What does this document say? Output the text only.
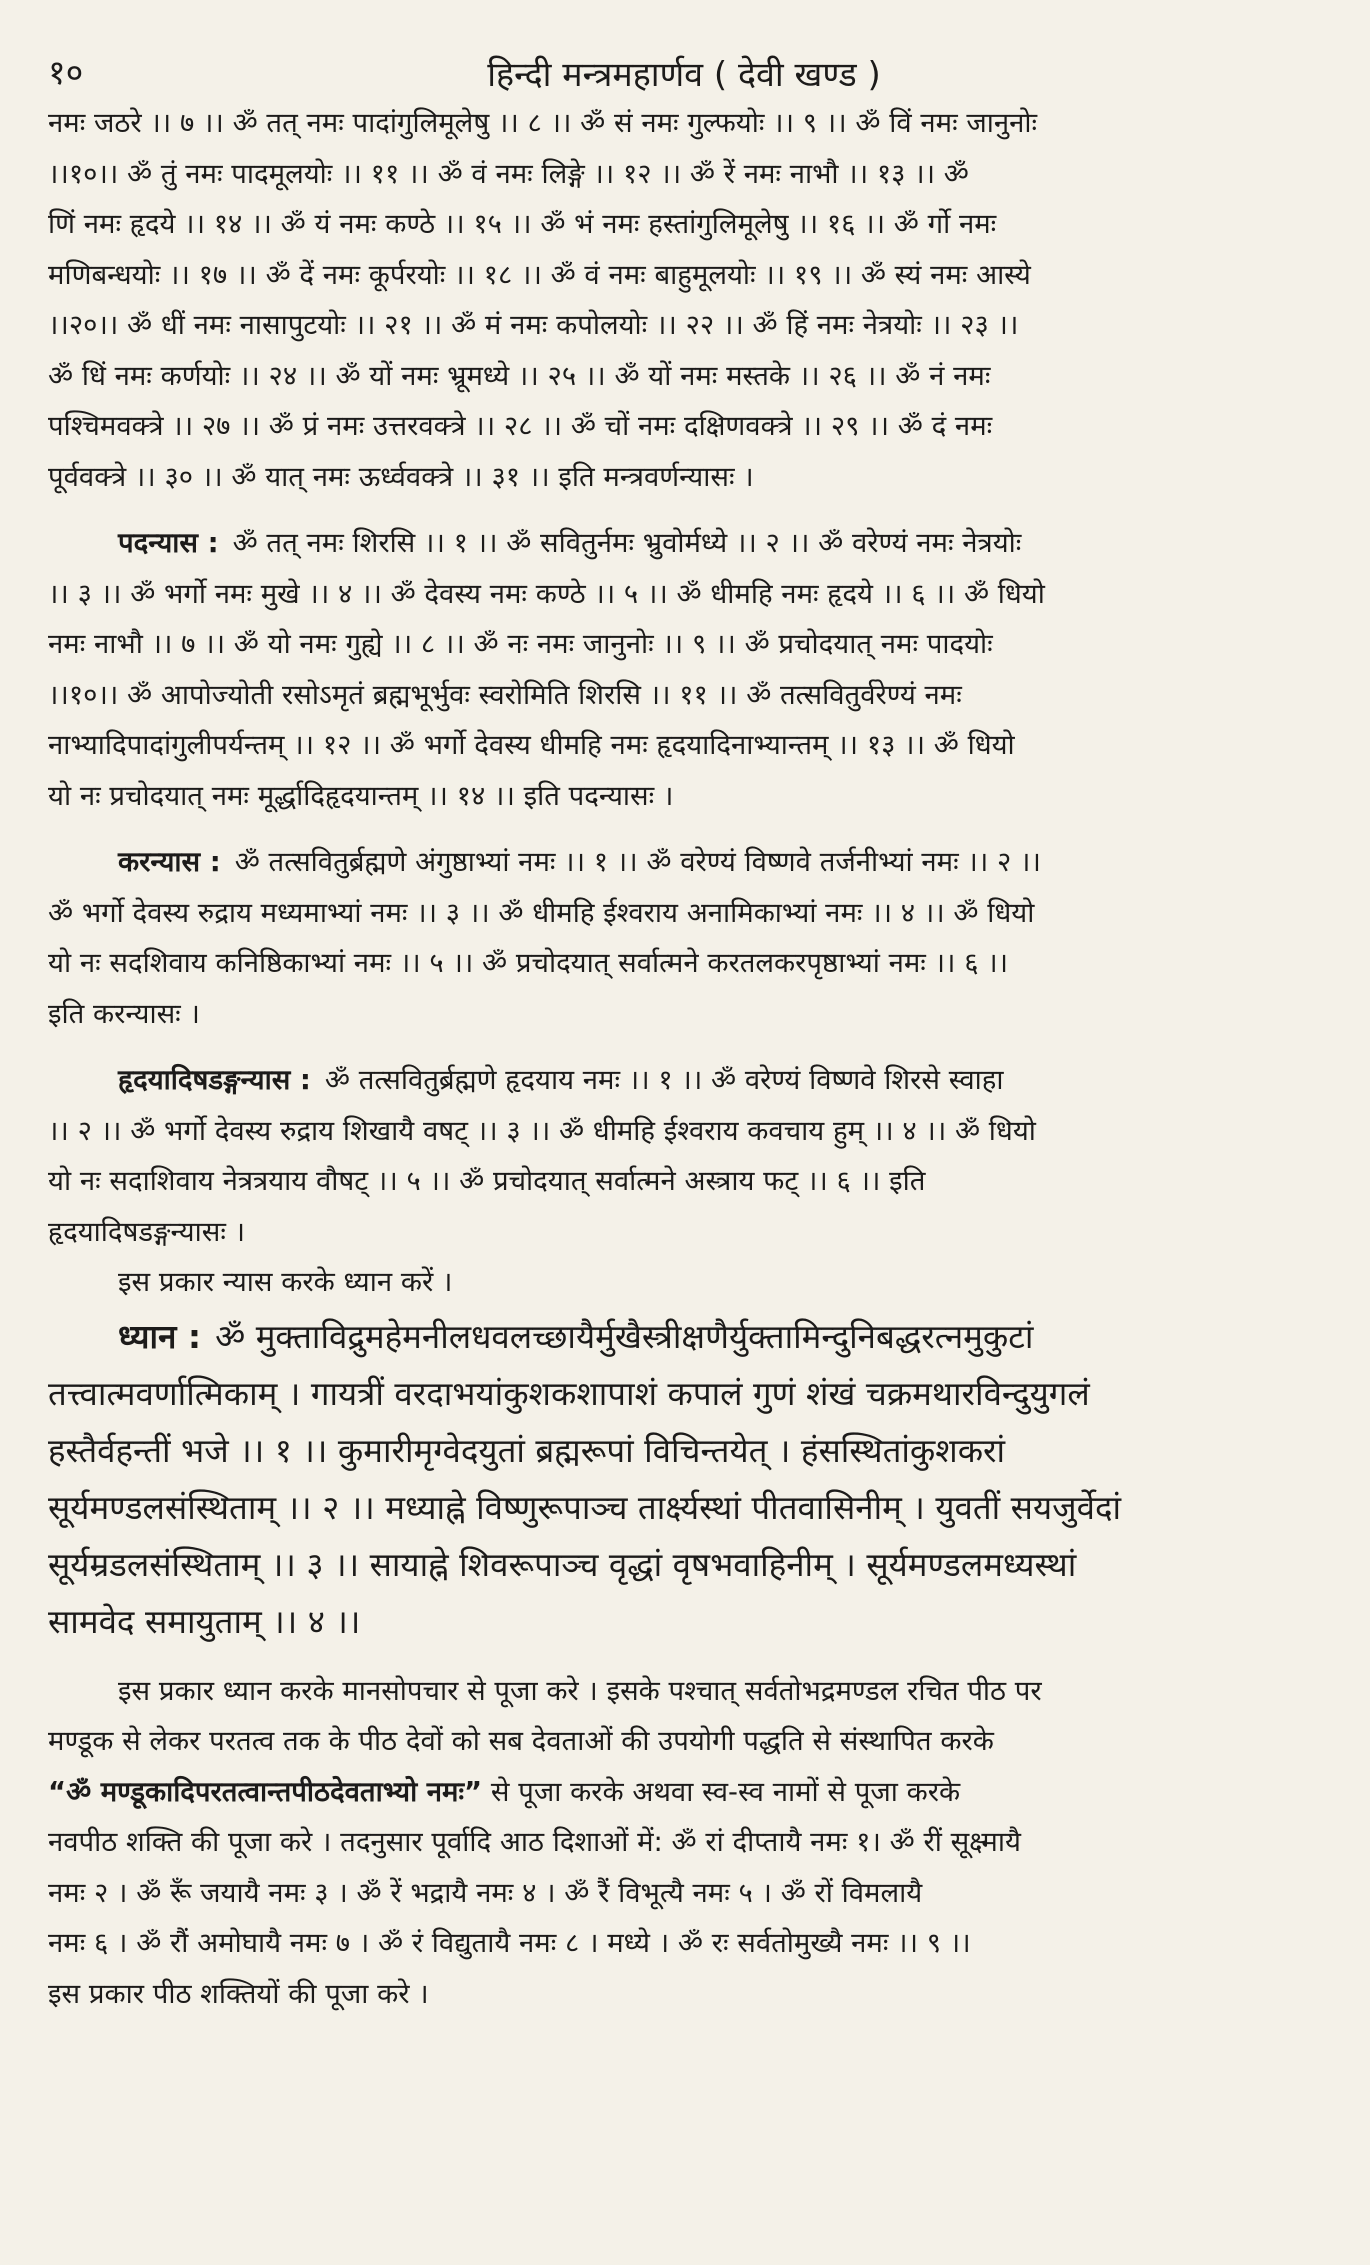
१०	हिन्दी मन्त्रमहार्णव ( देवी खण्ड )
नमः जठरे ।। ७ ।। ॐ तत् नमः पादांगुलिमूलेषु ।। ८ ।। ॐ सं नमः गुल्फयोः ।। ९ ।। ॐ विं नमः जानुनोः
।।१०।। ॐ तुं नमः पादमूलयोः ।। ११ ।। ॐ वं नमः लिङ्गे ।। १२ ।। ॐ रें नमः नाभौ ।। १३ ।। ॐ
णिं नमः हृदये ।। १४ ।। ॐ यं नमः कण्ठे ।। १५ ।। ॐ भं नमः हस्तांगुलिमूलेषु ।। १६ ।। ॐ र्गो नमः
मणिबन्धयोः ।। १७ ।। ॐ दें नमः कूर्परयोः ।। १८ ।। ॐ वं नमः बाहुमूलयोः ।। १९ ।। ॐ स्यं नमः आस्ये
।।२०।। ॐ धीं नमः नासापुटयोः ।। २१ ।। ॐ मं नमः कपोलयोः ।। २२ ।। ॐ हिं नमः नेत्रयोः ।। २३ ।।
ॐ धिं नमः कर्णयोः ।। २४ ।। ॐ यों नमः भ्रूमध्ये ।। २५ ।। ॐ यों नमः मस्तके ।। २६ ।। ॐ नं नमः
पश्चिमवक्त्रे ।। २७ ।। ॐ प्रं नमः उत्तरवक्त्रे ।। २८ ।। ॐ चों नमः दक्षिणवक्त्रे ।। २९ ।। ॐ दं नमः
पूर्ववक्त्रे ।। ३० ।। ॐ यात् नमः ऊर्ध्ववक्त्रे ।। ३१ ।। इति मन्त्रवर्णन्यासः ।
पदन्यास : ॐ तत् नमः शिरसि ।। १ ।। ॐ सवितुर्नमः भ्रुवोर्मध्ये ।। २ ।। ॐ वरेण्यं नमः नेत्रयोः
।। ३ ।। ॐ भर्गो नमः मुखे ।। ४ ।। ॐ देवस्य नमः कण्ठे ।। ५ ।। ॐ धीमहि नमः हृदये ।। ६ ।। ॐ धियो
नमः नाभौ ।। ७ ।। ॐ यो नमः गुह्ये ।। ८ ।। ॐ नः नमः जानुनोः ।। ९ ।। ॐ प्रचोदयात् नमः पादयोः
।।१०।। ॐ आपोज्योती रसोऽमृतं ब्रह्मभूर्भुवः स्वरोमिति शिरसि ।। ११ ।। ॐ तत्सवितुर्वरेण्यं नमः
नाभ्यादिपादांगुलीपर्यन्तम् ।। १२ ।। ॐ भर्गो देवस्य धीमहि नमः हृदयादिनाभ्यान्तम् ।। १३ ।। ॐ धियो
यो नः प्रचोदयात् नमः मूर्द्धादिहृदयान्तम् ।। १४ ।। इति पदन्यासः ।
करन्यास : ॐ तत्सवितुर्ब्रह्मणे अंगुष्ठाभ्यां नमः ।। १ ।। ॐ वरेण्यं विष्णवे तर्जनीभ्यां नमः ।। २ ।।
ॐ भर्गो देवस्य रुद्राय मध्यमाभ्यां नमः ।। ३ ।। ॐ धीमहि ईश्वराय अनामिकाभ्यां नमः ।। ४ ।। ॐ धियो
यो नः सदशिवाय कनिष्ठिकाभ्यां नमः ।। ५ ।। ॐ प्रचोदयात् सर्वात्मने करतलकरपृष्ठाभ्यां नमः ।। ६ ।।
इति करन्यासः ।
हृदयादिषडङ्गन्यास : ॐ तत्सवितुर्ब्रह्मणे हृदयाय नमः ।। १ ।। ॐ वरेण्यं विष्णवे शिरसे स्वाहा
।। २ ।। ॐ भर्गो देवस्य रुद्राय शिखायै वषट् ।। ३ ।। ॐ धीमहि ईश्वराय कवचाय हुम् ।। ४ ।। ॐ धियो
यो नः सदाशिवाय नेत्रत्रयाय वौषट् ।। ५ ।। ॐ प्रचोदयात् सर्वात्मने अस्त्राय फट् ।। ६ ।। इति
हृदयादिषडङ्गन्यासः ।
इस प्रकार न्यास करके ध्यान करें ।
ध्यान : ॐ मुक्ताविद्रुमहेमनीलधवलच्छायैर्मुखैस्त्रीक्षणैर्युक्तामिन्दुनिबद्धरत्नमुकुटां
तत्त्वात्मवर्णात्मिकाम् । गायत्रीं वरदाभयांकुशकशापाशं कपालं गुणं शंखं चक्रमथारविन्दुयुगलं
हस्तैर्वहन्तीं भजे ।। १ ।। कुमारीमृग्वेदयुतां ब्रह्मरूपां विचिन्तयेत् । हंसस्थितांकुशकरां
सूर्यमण्डलसंस्थिताम् ।। २ ।। मध्याह्ने विष्णुरूपाञ्च तार्क्ष्यस्थां पीतवासिनीम् । युवतीं सयजुर्वेदां
सूर्यम्रडलसंस्थिताम् ।। ३ ।। सायाह्ने शिवरूपाञ्च वृद्धां वृषभवाहिनीम् । सूर्यमण्डलमध्यस्थां
सामवेद समायुताम् ।। ४ ।।
इस प्रकार ध्यान करके मानसोपचार से पूजा करे । इसके पश्चात् सर्वतोभद्रमण्डल रचित पीठ पर
मण्डूक से लेकर परतत्व तक के पीठ देवों को सब देवताओं की उपयोगी पद्धति से संस्थापित करके
“ॐ मण्डूकादिपरतत्वान्तपीठदेवताभ्यो नमः” से पूजा करके अथवा स्व-स्व नामों से पूजा करके
नवपीठ शक्ति की पूजा करे । तदनुसार पूर्वादि आठ दिशाओं में: ॐ रां दीप्तायै नमः १। ॐ रीं सूक्ष्मायै
नमः २ । ॐ रूँ जयायै नमः ३ । ॐ रें भद्रायै नमः ४ । ॐ रैं विभूत्यै नमः ५ । ॐ रों विमलायै
नमः ६ । ॐ रौं अमोघायै नमः ७ । ॐ रं विद्युतायै नमः ८ । मध्ये । ॐ रः सर्वतोमुख्यै नमः ।। ९ ।।
इस प्रकार पीठ शक्तियों की पूजा करे ।
